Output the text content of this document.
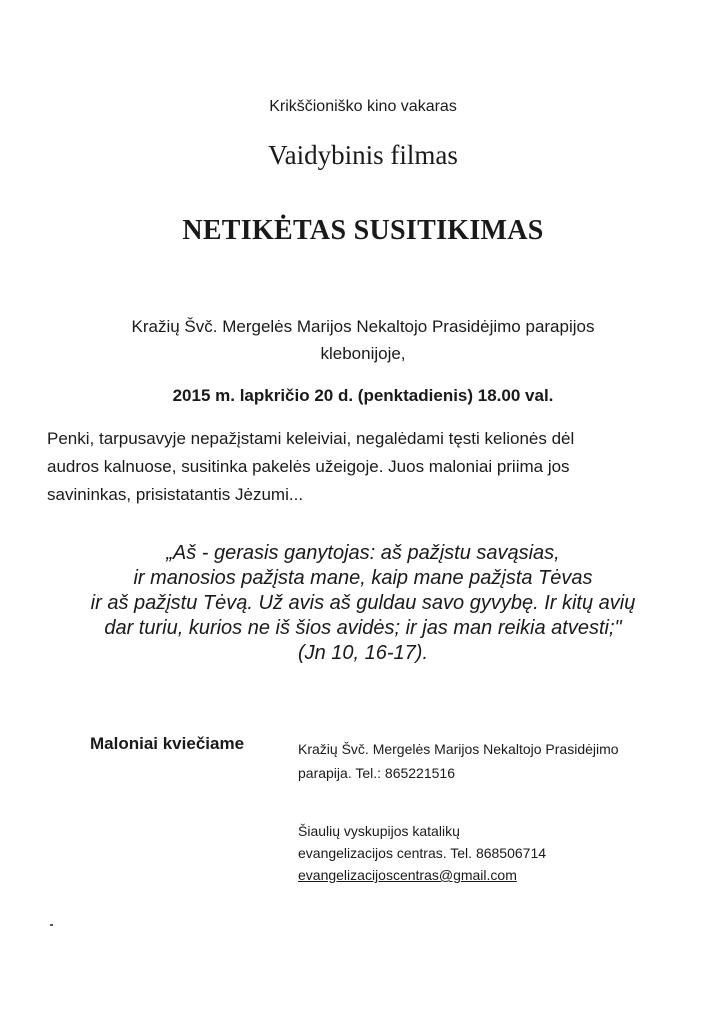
Krikščioniško kino vakaras
Vaidybinis filmas
NETIKĖTAS SUSITIKIMAS
Kražių Švč. Mergelės Marijos Nekaltojo Prasidėjimo parapijos
klebonijoje,
2015 m. lapkričio 20 d. (penktadienis) 18.00 val.
Penki, tarpusavyje nepažįstami keleiviai, negalėdami tęsti kelionės dėl
audros kalnuose, susitinka pakelės užeigoje. Juos maloniai priima jos
savininkas, prisistatantis Jėzumi...
„Aš - gerasis ganytojas: aš pažįstu savąsias,
ir manosios pažįsta mane, kaip mane pažįsta Tėvas
ir aš pažįstu Tėvą. Už avis aš guldau savo gyvybę. Ir kitų avių
dar turiu, kurios ne iš šios avidės; ir jas man reikia atvesti;"
(Jn 10, 16-17).
Maloniai kviečiame	Kražių Švč. Mergelės Marijos Nekaltojo Prasidėjimo
parapija. Tel.: 865221516
Šiaulių vyskupijos katalikų
evangelizacijos centras. Tel. 868506714
evangelizacijoscentras@gmail.com
